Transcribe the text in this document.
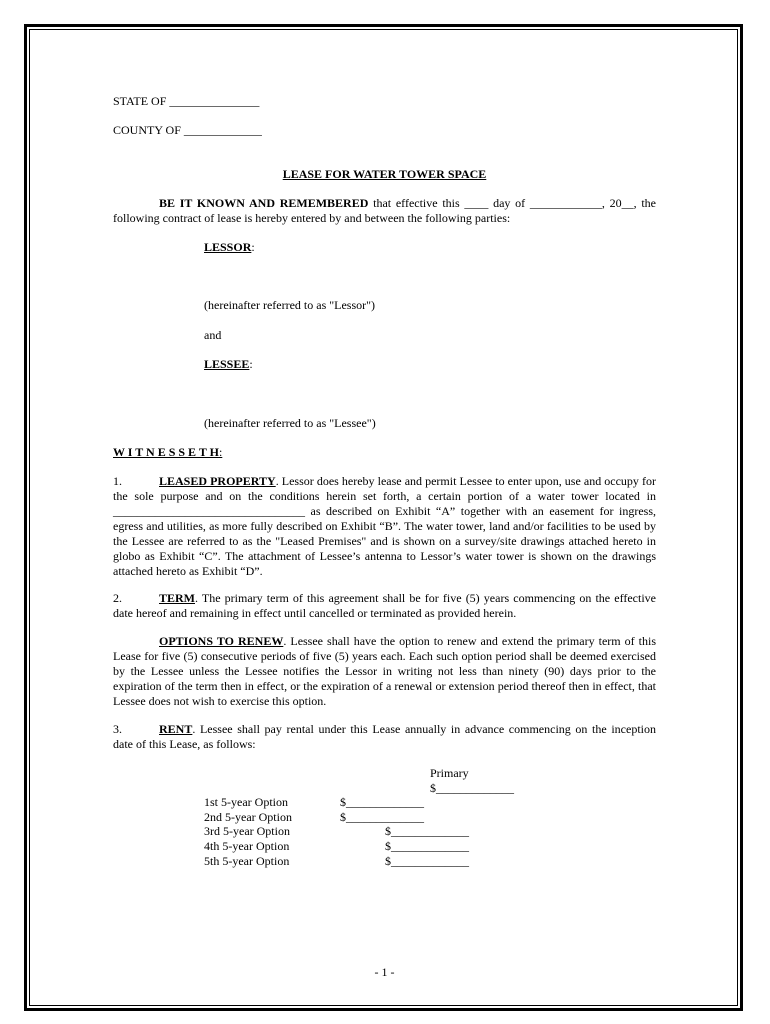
STATE OF _______________
COUNTY OF _____________
LEASE FOR WATER TOWER SPACE
BE IT KNOWN AND REMEMBERED that effective this ____ day of ____________, 20__, the following contract of lease is hereby entered by and between the following parties:
LESSOR:
(hereinafter referred to as "Lessor")
and
LESSEE:
(hereinafter referred to as "Lessee")
W I T N E S S E T H:
1.	LEASED PROPERTY. Lessor does hereby lease and permit Lessee to enter upon, use and occupy for the sole purpose and on the conditions herein set forth, a certain portion of a water tower located in ________________________________ as described on Exhibit “A” together with an easement for ingress, egress and utilities, as more fully described on Exhibit “B”. The water tower, land and/or facilities to be used by the Lessee are referred to as the "Leased Premises" and is shown on a survey/site drawings attached hereto in globo as Exhibit “C”. The attachment of Lessee’s antenna to Lessor’s water tower is shown on the drawings attached hereto as Exhibit “D”.
2.	TERM. The primary term of this agreement shall be for five (5) years commencing on the effective date hereof and remaining in effect until cancelled or terminated as provided herein.
OPTIONS TO RENEW. Lessee shall have the option to renew and extend the primary term of this Lease for five (5) consecutive periods of five (5) years each. Each such option period shall be deemed exercised by the Lessee unless the Lessee notifies the Lessor in writing not less than ninety (90) days prior to the expiration of the term then in effect, or the expiration of a renewal or extension period thereof then in effect, that Lessee does not wish to exercise this option.
3.	RENT. Lessee shall pay rental under this Lease annually in advance commencing on the inception date of this Lease, as follows:
Primary
$_____________
1st 5-year Option	$_____________
2nd 5-year Option	$_____________
3rd 5-year Option	$_____________
4th 5-year Option	$_____________
5th 5-year Option	$_____________
- 1 -
